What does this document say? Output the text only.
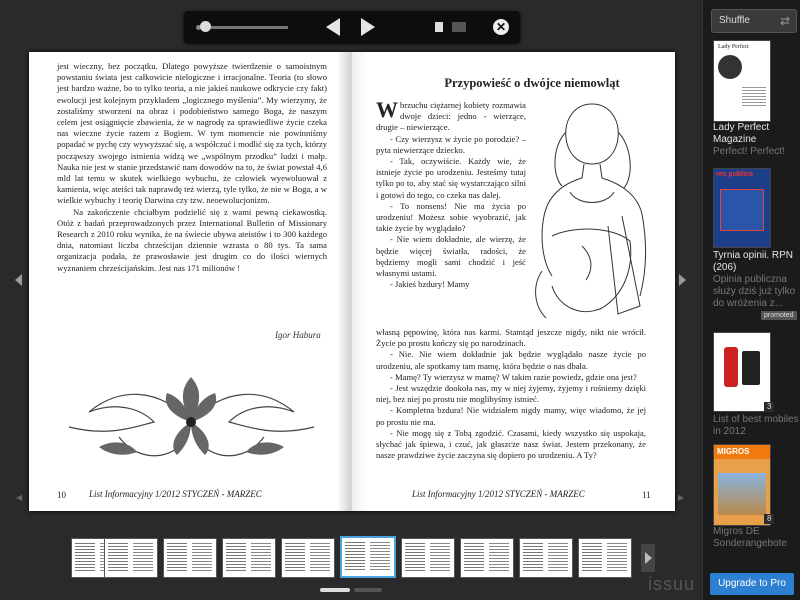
✕
◀	▶

jest wieczny, bez początku. Dlatego powyższe twierdzenie o samoistnym powstaniu świata jest całkowicie nielogiczne i irracjonalne. Teoria (to słowo jest bardzo ważne, bo to tylko teoria, a nie jakieś naukowe odkrycie czy fakt) ewolucji jest kolejnym przykładem „logicznego myślenia”. My wierzymy, że zostaliśmy stworzeni na obraz i podobieństwo samego Boga, że naszym celem jest osiągnięcie zbawienia, że w nagrodę za sprawiedliwe życie czeka nas wieczne życie razem z Bogiem. W tym momencie nie powinniśmy popadać w pychę czy wywyższać się, a współczuć i modlić się za tych, którzy począwszy swojego istnienia widzą we „wspólnym przodku” ludzi i małp. Nauka nie jest w stanie przedstawić nam dowodów na to, że świat powstał 4,6 mld lat temu w skutek wielkiego wybuchu, że człowiek wyewoluował z kamienia, więc ateiści tak naprawdę też wierzą, tyle tylko, że nie w Boga, a w wielkie wybuchy i teorię Darwina czy tzw. neoewolucjonizm.

Na zakończenie chciałbym podzielić się z wami pewną ciekawostką. Otóż z badań przeprowadzonych przez International Bulletin of Missionary Research z 2010 roku wynika, że na świecie ubywa ateistów i to 300 każdego dnia, natomiast liczba chrześcijan dziennie wzrasta o 80 tys. Ta sama organizacja podała, że prawosławie jest drugim co do ilości wiernych wyznaniem chrześcijańskim. Jest nas 171 milionów !

Igor Habura
10	List Informacyjny 1/2012 STYCZEŃ - MARZEC
Przypowieść o dwójce niemowląt

Wbrzuchu ciężarnej kobiety rozmawia dwoje dzieci: jedno - wierzące, drugie – niewierzące.

- Czy wierzysz w życie po porodzie? – pyta niewierzące dziecko.

- Tak, oczywiście. Każdy wie, że istnieje życie po urodzeniu. Jesteśmy tutaj tylko po to, aby stać się wystarczająco silni i gotowi do tego, co czeka nas dalej.

- To nonsens! Nie ma życia po urodzeniu! Możesz sobie wyobrazić, jak takie życie by wyglądało?

- Nie wiem dokładnie, ale wierzę, że będzie więcej światła, radości, że będziemy mogli sami chodzić i jeść własnymi ustami.

- Jakieś bzdury! Mamy

własną pępowinę, która nas karmi. Stamtąd jeszcze nigdy, nikt nie wrócił. Życie po prostu kończy się po narodzinach.

- Nie. Nie wiem dokładnie jak będzie wyglądało nasze życie po urodzeniu, ale spotkamy tam mamę, która będzie o nas dbała.

- Mamę? Ty wierzysz w mamę? W takim razie powiedz, gdzie ona jest?

- Jest wszędzie dookoła nas, my w niej żyjemy, żyjemy i rośniemy dzięki niej, bez niej po prostu nie moglibyśmy istnieć.

- Kompletna bzdura! Nie widziałem nigdy mamy, więc wiadomo, że jej po prostu nie ma.

- Nie mogę się z Tobą zgodzić. Czasami, kiedy wszystko się uspokaja, słychać jak śpiewa, i czuć, jak głaszcze nasz świat. Jestem przekonany, że nasze prawdziwe życie zaczyna się dopiero po urodzeniu. A Ty?

List Informacyjny 1/2012 STYCZEŃ - MARZEC	11
issuu
Shuffle ⇄
Lady Perfect
Lady Perfect Magazine
Perfect! Perfect!
res publica
Tyrnia opinii. RPN (206)
Opinia publiczna służy dziś już tylko do wróżenia z...
promoted
3
List of best mobiles in 2012
MIGROS
8
Migros DE Sonderangebote
Upgrade to Pro
